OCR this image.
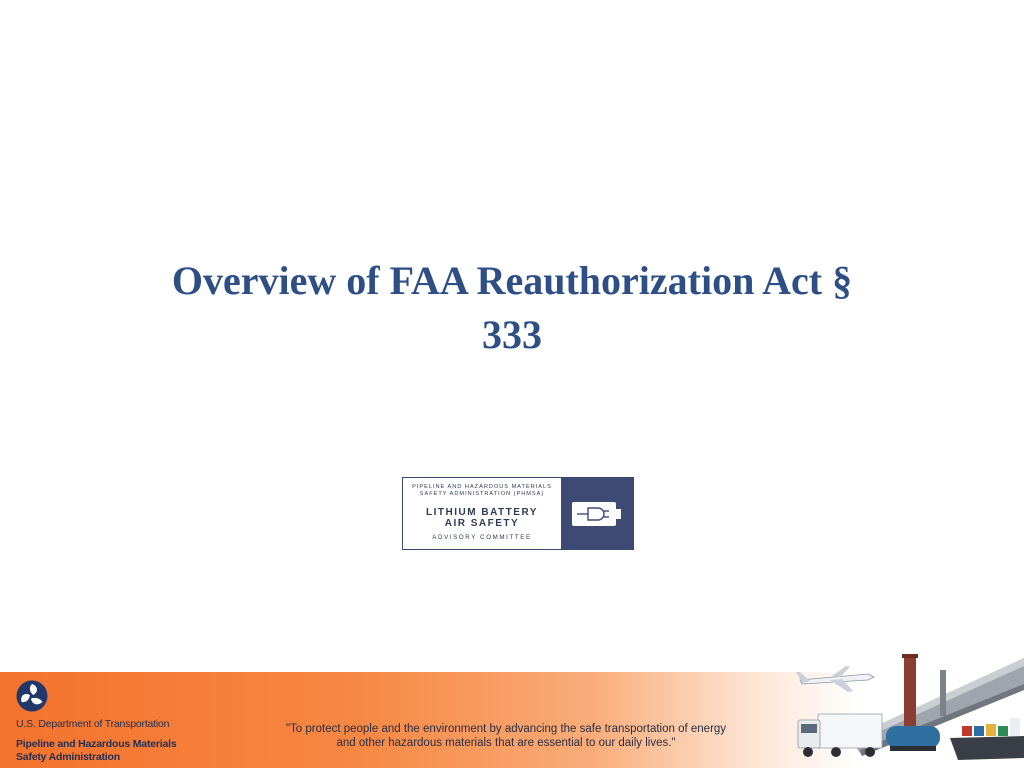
Overview of FAA Reauthorization Act §
333
PIPELINE AND HAZARDOUS MATERIALS
SAFETY ADMINISTRATION (PHMSA)
LITHIUM BATTERY
AIR SAFETY
ADVISORY COMMITTEE
U.S. Department of Transportation
Pipeline and Hazardous Materials
Safety Administration
"To protect people and the environment by advancing the safe transportation of energy
and other hazardous materials that are essential to our daily lives."
